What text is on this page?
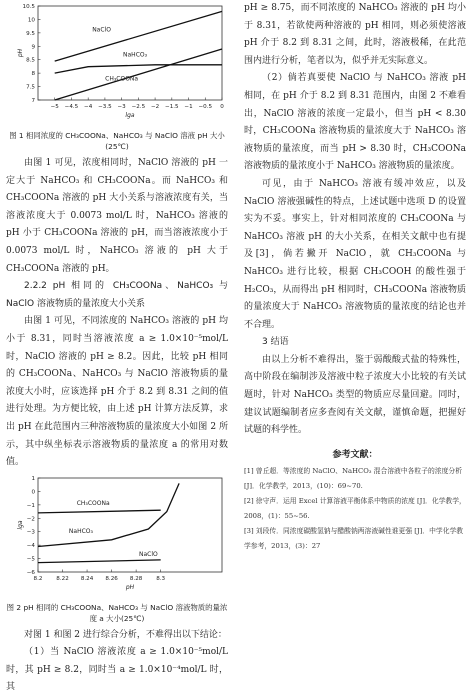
−5 −4.5 −4 −3.5 −3 −2.5 −2 −1.5 −1 −0.5 0
7
7.5
8
8.5
9
9.5
10
10.5
lga
pH
NaClO
NaHCO₃
CH₃COONa
图 1 相同浓度的 CH₃COONa、NaHCO₃ 与 NaClO 溶液 pH 大小(25℃)

由图 1 可见，浓度相同时，NaClO 溶液的 pH 一定大于 NaHCO₃ 和 CH₃COONa。而 NaHCO₃ 和 CH₃COONa 溶液的 pH 大小关系与溶液浓度有关，当溶液浓度大于 0.0073 mol/L 时，NaHCO₃ 溶液的 pH 小于 CH₃COONa 溶液的 pH，而当溶液浓度小于 0.0073 mol/L 时，NaHCO₃ 溶液的 pH 大于 CH₃COONa 溶液的 pH。

2.2.2 pH 相同的 CH₃COONa、NaHCO₃ 与 NaClO 溶液物质的量浓度大小关系

由图 1 可见，不同浓度的 NaHCO₃ 溶液的 pH 均小于 8.31，同时当溶液浓度 a ≥ 1.0×10⁻⁵mol/L 时，NaClO 溶液的 pH ≥ 8.2。因此，比较 pH 相同的 CH₃COONa、NaHCO₃ 与 NaClO 溶液物质的量浓度大小时，应该选择 pH 介于 8.2 到 8.31 之间的值进行处理。为方便比较，由上述 pH 计算方法反算，求出 pH 在此范围内三种溶液物质的量浓度大小如图 2 所示，其中纵坐标表示溶液物质的量浓度 a 的常用对数值。

8.2 8.22 8.24 8.26 8.28 8.3
1
0
−1
−2
−3
−4
−5
−6
pH
lga
CH₃COONa
NaHCO₃
NaClO
图 2 pH 相同的 CH₃COONa、NaHCO₃ 与 NaClO 溶液物质的量浓度 a 大小(25℃)

对图 1 和图 2 进行综合分析，不难得出以下结论：

（1）当 NaClO 溶液浓度 a ≥ 1.0×10⁻⁵mol/L 时，其 pH ≥ 8.2，同时当 a ≥ 1.0×10⁻⁴mol/L 时，其

pH ≥ 8.75，而不同浓度的 NaHCO₃ 溶液的 pH 均小于 8.31，若欲使两种溶液的 pH 相同，则必须使溶液 pH 介于 8.2 到 8.31 之间，此时，溶液极稀，在此范围内进行分析，笔者以为，似乎并无实际意义。

（2）倘若真要使 NaClO 与 NaHCO₃ 溶液 pH 相同，在 pH 介于 8.2 到 8.31 范围内，由图 2 不难看出，NaClO 溶液的浓度一定最小，但当 pH < 8.30 时，CH₃COONa 溶液物质的量浓度大于 NaHCO₃ 溶液物质的量浓度，而当 pH > 8.30 时，CH₃COONa 溶液物质的量浓度小于 NaHCO₃ 溶液物质的量浓度。

可见，由于 NaHCO₃ 溶液有缓冲效应，以及 NaClO 溶液强碱性的特点，上述试题中选项 D 的设置实为不妥。事实上，针对相同浓度的 CH₃COONa 与 NaHCO₃ 溶液 pH 的大小关系，在相关文献中也有提及[3]，倘若撇开 NaClO，就 CH₃COONa 与 NaHCO₃ 进行比较，根据 CH₃COOH 的酸性强于 H₂CO₃，从而得出 pH 相同时，CH₃COONa 溶液物质的量浓度大于 NaHCO₃ 溶液物质的量浓度的结论也并不合理。

3 结语

由以上分析不难得出，鉴于弱酸酸式盐的特殊性，高中阶段在编制涉及溶液中粒子浓度大小比较的有关试题时，针对 NaHCO₃ 类型的物质应尽量回避。同时，建议试题编制者应多查阅有关文献，谨慎命题，把握好试题的科学性。

参考文献：
[1] 曾丘超．等浓度的 NaClO、NaHCO₃ 混合溶液中各粒子的浓度分析 [J]．化学教学，2013，(10)：69~70.
[2] 徐守声．运用 Excel 计算溶液平衡体系中物质的浓度 [J]．化学教学，2008，(1)：55~56.
[3] 刘段传．同浓度碳酸氢钠与醋酸钠两溶液碱性谁更强 [J]．中学化学教学参考，2013，(3)：27
